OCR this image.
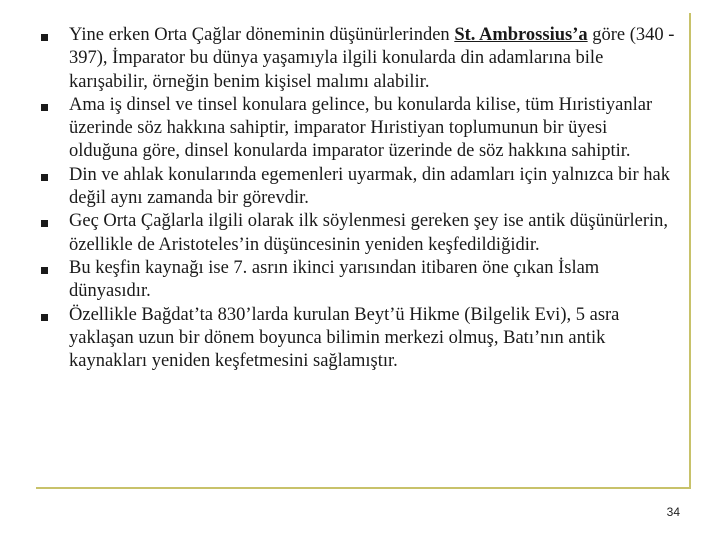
Yine erken Orta Çağlar döneminin düşünürlerinden St. Ambrossius’a göre (340 - 397), İmparator bu dünya yaşamıyla ilgili konularda din adamlarına bile karışabilir, örneğin benim kişisel malımı alabilir.
Ama iş dinsel ve tinsel konulara gelince, bu konularda kilise, tüm Hıristiyanlar üzerinde söz hakkına sahiptir, imparator Hıristiyan toplumunun bir üyesi olduğuna göre, dinsel konularda imparator üzerinde de söz hakkına sahiptir.
Din ve ahlak konularında egemenleri uyarmak, din adamları için yalnızca bir hak değil aynı zamanda bir görevdir.
Geç Orta Çağlarla ilgili olarak ilk söylenmesi gereken şey ise antik düşünürlerin, özellikle de Aristoteles’in düşüncesinin yeniden keşfedildiğidir.
Bu keşfin kaynağı ise 7. asrın ikinci yarısından itibaren öne çıkan İslam dünyasıdır.
Özellikle Bağdat’ta 830’larda kurulan Beyt’ü Hikme (Bilgelik Evi), 5 asra yaklaşan uzun bir dönem boyunca bilimin merkezi olmuş, Batı’nın antik kaynakları yeniden keşfetmesini sağlamıştır.
34
